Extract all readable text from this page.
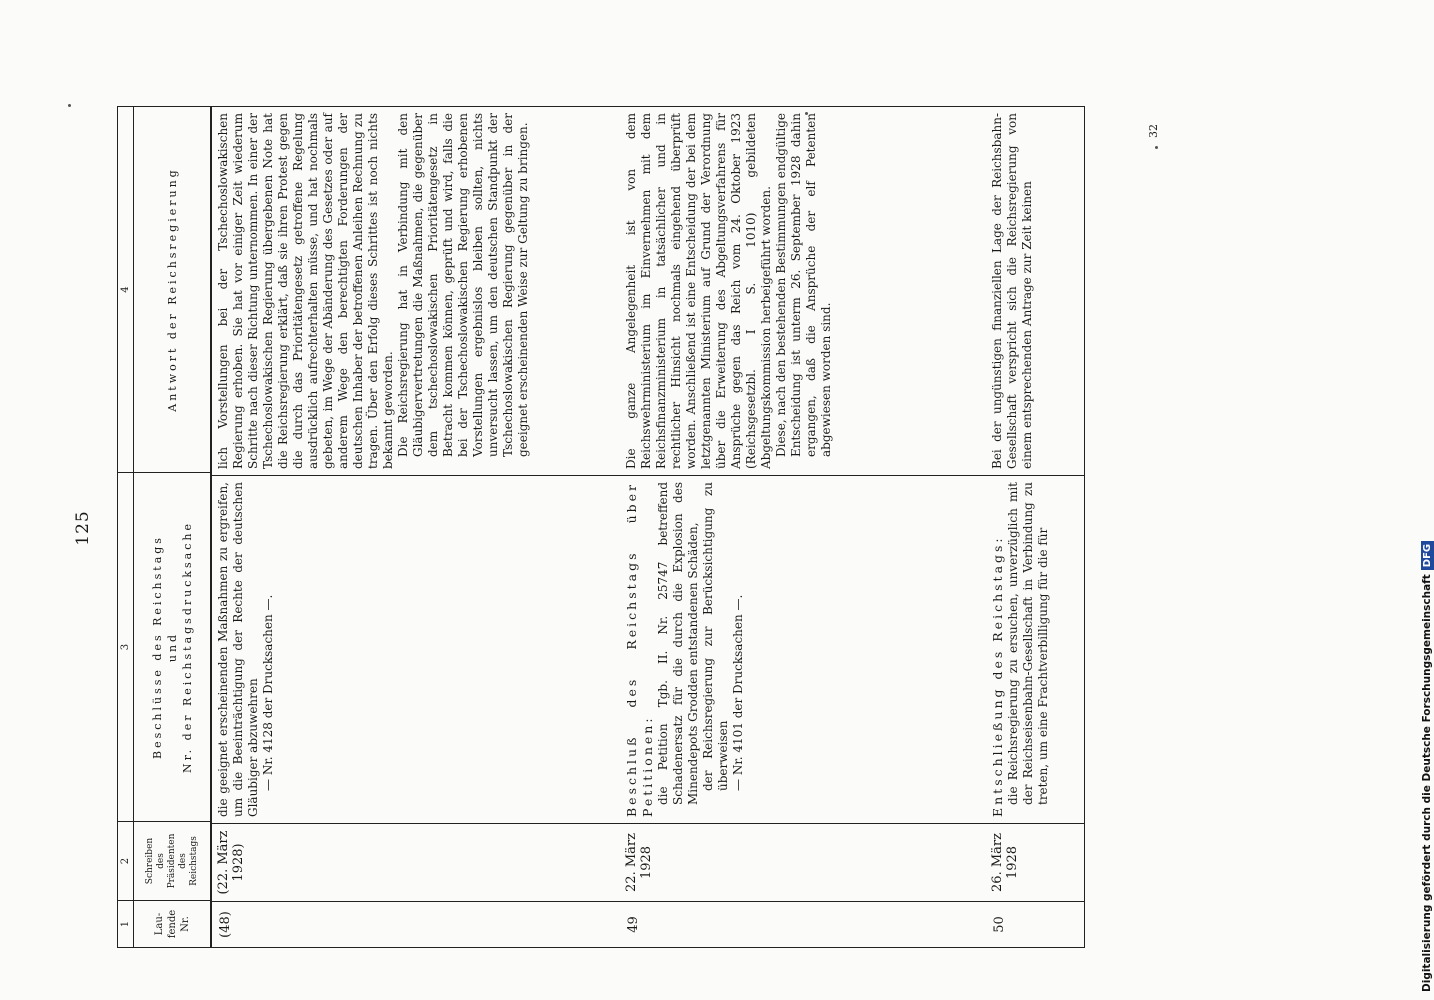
125
1
2
3
4
Lau- fende Nr.
Schreiben des Präsidenten des Reichstags
Beschlüsse des Reichstags und Nr. der Reichstagsdrucksache
Antwort der Reichsregierung
(48)
(22. März 1928)
die geeignet erscheinenden Maßnahmen zu ergreifen, um die Beeinträchtigung der Rechte der deutschen Gläubiger abzuwehren — Nr. 4128 der Drucksachen —.
lich Vorstellungen bei der Tschechoslowakischen Regierung erhoben. Sie hat vor einiger Zeit wiederum Schritte nach dieser Richtung unternommen. In einer der Tschechoslowakischen Regierung übergebenen Note hat die Reichsregierung erklärt, daß sie ihren Protest gegen die durch das Prioritätengesetz getroffene Regelung ausdrücklich aufrechterhalten müsse, und hat nochmals gebeten, im Wege der Abänderung des Gesetzes oder auf anderem Wege den berechtigten Forderungen der deutschen Inhaber der betroffenen Anleihen Rechnung zu tragen. Über den Erfolg dieses Schrittes ist noch nichts bekannt geworden. Die Reichsregierung hat in Verbindung mit den Gläubigervertretungen die Maßnahmen, die gegenüber dem tschechoslowakischen Prioritätengesetz in Betracht kommen können, geprüft und wird, falls die bei der Tschechoslowakischen Regierung erhobenen Vorstellungen ergebnislos bleiben sollten, nichts unversucht lassen, um den deutschen Standpunkt der Tschechoslowakischen Regierung gegenüber in der geeignet erscheinenden Weise zur Geltung zu bringen.
49
22. März 1928
Beschluß des Reichstags über Petitionen: die Petition Tgb. II. Nr. 25747 betreffend Schadenersatz für die durch die Explosion des Minendepots Grodden entstandenen Schäden, der Reichsregierung zur Berücksichtigung zu überweisen — Nr. 4101 der Drucksachen —.
Die ganze Angelegenheit ist von dem Reichswehrministerium im Einvernehmen mit dem Reichsfinanzministerium in tatsächlicher und in rechtlicher Hinsicht nochmals eingehend überprüft worden. Anschließend ist eine Entscheidung der bei dem letztgenannten Ministerium auf Grund der Verordnung über die Erweiterung des Abgeltungsverfahrens für Ansprüche gegen das Reich vom 24. Oktober 1923 (Reichsgesetzbl. I S. 1010) gebildeten Abgeltungskommission herbeigeführt worden. Diese, nach den bestehenden Bestimmungen endgültige Entscheidung ist unterm 26. September 1928 dahin ergangen, daß die Ansprüche der elf Petenten abgewiesen worden sind.
50
26. März 1928
Entschließung des Reichstags: die Reichsregierung zu ersuchen, unverzüglich mit der Reichseisenbahn-Gesellschaft in Verbindung zu treten, um eine Frachtverbilligung für die für
Bei der ungünstigen finanziellen Lage der Reichsbahn-Gesellschaft verspricht sich die Reichsregierung von einem entsprechenden Antrage zur Zeit keinen
32
Digitalisierung gefördert durch die Deutsche ForschungsgemeinschaftDFG
